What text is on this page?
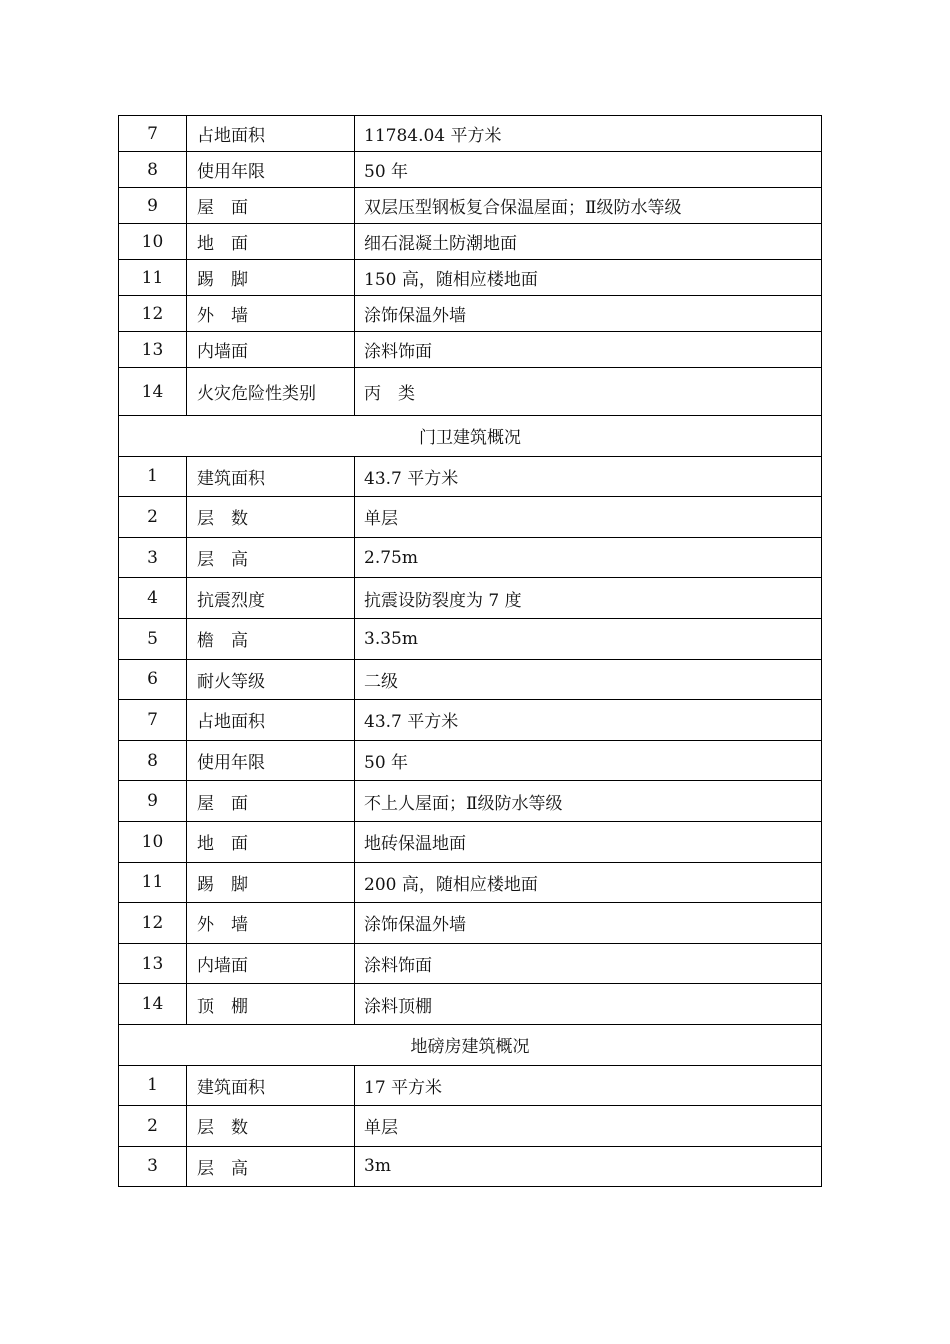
7	占地面积	11784.04 平方米
8	使用年限	50 年
9	屋　面	双层压型钢板复合保温屋面；Ⅱ级防水等级
10	地　面	细石混凝土防潮地面
11	踢　脚	150 高，随相应楼地面
12	外　墙	涂饰保温外墙
13	内墙面	涂料饰面
14	火灾危险性类别	丙　类
门卫建筑概况		
1	建筑面积	43.7 平方米
2	层　数	单层
3	层　高	2.75m
4	抗震烈度	抗震设防裂度为 7 度
5	檐　高	3.35m
6	耐火等级	二级
7	占地面积	43.7 平方米
8	使用年限	50 年
9	屋　面	不上人屋面；Ⅱ级防水等级
10	地　面	地砖保温地面
11	踢　脚	200 高，随相应楼地面
12	外　墙	涂饰保温外墙
13	内墙面	涂料饰面
14	顶　棚	涂料顶棚
地磅房建筑概况		
1	建筑面积	17 平方米
2	层　数	单层
3	层　高	3m
